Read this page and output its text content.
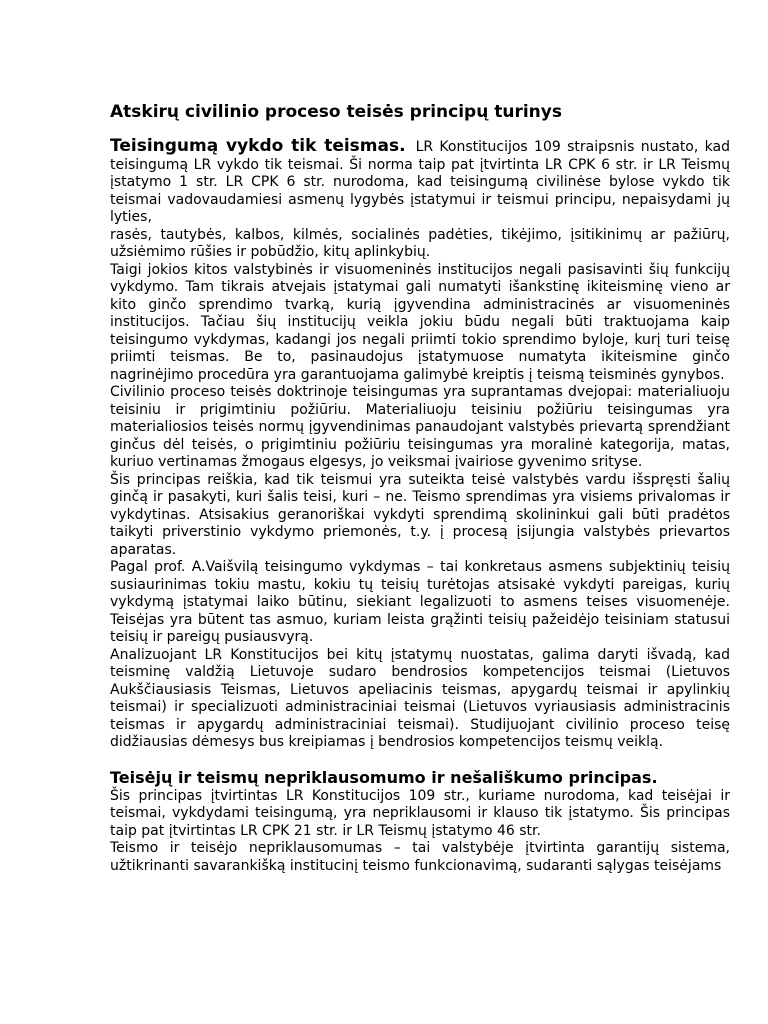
Atskirų civilinio proceso teisės principų turinys

Teisingumą vykdo tik teismas. LR Konstitucijos 109 straipsnis nustato, kad teisingumą LR vykdo tik teismai. Ši norma taip pat įtvirtinta LR CPK 6 str. ir LR Teismų įstatymo 1 str. LR CPK 6 str. nurodoma, kad teisingumą civilinėse bylose vykdo tik teismai vadovaudamiesi asmenų lygybės įstatymui ir teismui principu, nepaisydami jų lyties,

rasės, tautybės, kalbos, kilmės, socialinės padėties, tikėjimo, įsitikinimų ar pažiūrų, užsiėmimo rūšies ir pobūdžio, kitų aplinkybių.

Taigi jokios kitos valstybinės ir visuomeninės institucijos negali pasisavinti šių funkcijų vykdymo. Tam tikrais atvejais įstatymai gali numatyti išankstinę ikiteisminę vieno ar kito ginčo sprendimo tvarką, kurią įgyvendina administracinės ar visuomeninės institucijos. Tačiau šių institucijų veikla jokiu būdu negali būti traktuojama kaip teisingumo vykdymas, kadangi jos negali priimti tokio sprendimo byloje, kurį turi teisę priimti teismas. Be to, pasinaudojus įstatymuose numatyta ikiteismine ginčo nagrinėjimo procedūra yra garantuojama galimybė kreiptis į teismą teisminės gynybos.

Civilinio proceso teisės doktrinoje teisingumas yra suprantamas dvejopai: materialiuoju teisiniu ir prigimtiniu požiūriu. Materialiuoju teisiniu požiūriu teisingumas yra materialiosios teisės normų įgyvendinimas panaudojant valstybės prievartą sprendžiant ginčus dėl teisės, o prigimtiniu požiūriu teisingumas yra moralinė kategorija, matas, kuriuo vertinamas žmogaus elgesys, jo veiksmai įvairiose gyvenimo srityse.

Šis principas reiškia, kad tik teismui yra suteikta teisė valstybės vardu išspręsti šalių ginčą ir pasakyti, kuri šalis teisi, kuri – ne. Teismo sprendimas yra visiems privalomas ir vykdytinas. Atsisakius geranoriškai vykdyti sprendimą skolininkui gali būti pradėtos taikyti priverstinio vykdymo priemonės, t.y. į procesą įsijungia valstybės prievartos aparatas.

Pagal prof. A.Vaišvilą teisingumo vykdymas – tai konkretaus asmens subjektinių teisių susiaurinimas tokiu mastu, kokiu tų teisių turėtojas atsisakė vykdyti pareigas, kurių vykdymą įstatymai laiko būtinu, siekiant legalizuoti to asmens teises visuomenėje. Teisėjas yra būtent tas asmuo, kuriam leista grąžinti teisių pažeidėjo teisiniam statusui teisių ir pareigų pusiausvyrą.

Analizuojant LR Konstitucijos bei kitų įstatymų nuostatas, galima daryti išvadą, kad teisminę valdžią Lietuvoje sudaro bendrosios kompetencijos teismai (Lietuvos Aukščiausiasis Teismas, Lietuvos apeliacinis teismas, apygardų teismai ir apylinkių teismai) ir specializuoti administraciniai teismai (Lietuvos vyriausiasis administracinis teismas ir apygardų administraciniai teismai). Studijuojant civilinio proceso teisę didžiausias dėmesys bus kreipiamas į bendrosios kompetencijos teismų veiklą.

Teisėjų ir teismų nepriklausomumo ir nešališkumo principas.

Šis principas įtvirtintas LR Konstitucijos 109 str., kuriame nurodoma, kad teisėjai ir teismai, vykdydami teisingumą, yra nepriklausomi ir klauso tik įstatymo. Šis principas taip pat įtvirtintas LR CPK 21 str. ir LR Teismų įstatymo 46 str.

Teismo ir teisėjo nepriklausomumas – tai valstybėje įtvirtinta garantijų sistema, užtikrinanti savarankišką institucinį teismo funkcionavimą, sudaranti sąlygas teisėjams
